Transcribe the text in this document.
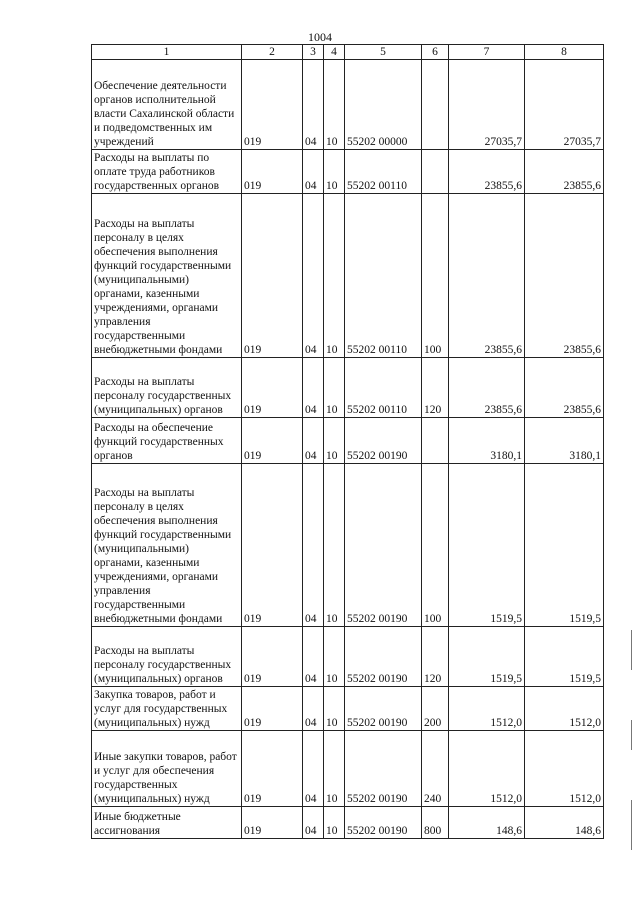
1004
1	2	3	4	5	6	7	8
Обеспечение деятельности органов исполнительной власти Сахалинской области и подведомственных им учреждений	019	04	10	55202 00000		27035,7	27035,7
Расходы на выплаты по оплате труда работников государственных органов	019	04	10	55202 00110		23855,6	23855,6
Расходы на выплаты персоналу в целях обеспечения выполнения функций государственными (муниципальными) органами, казенными учреждениями, органами управления государственными внебюджетными фондами	019	04	10	55202 00110	100	23855,6	23855,6
Расходы на выплаты персоналу государственных (муниципальных) органов	019	04	10	55202 00110	120	23855,6	23855,6
Расходы на обеспечение функций государственных органов	019	04	10	55202 00190		3180,1	3180,1
Расходы на выплаты персоналу в целях обеспечения выполнения функций государственными (муниципальными) органами, казенными учреждениями, органами управления государственными внебюджетными фондами	019	04	10	55202 00190	100	1519,5	1519,5
Расходы на выплаты персоналу государственных (муниципальных) органов	019	04	10	55202 00190	120	1519,5	1519,5
Закупка товаров, работ и услуг для государственных (муниципальных) нужд	019	04	10	55202 00190	200	1512,0	1512,0
Иные закупки товаров, работ и услуг для обеспечения государственных (муниципальных) нужд	019	04	10	55202 00190	240	1512,0	1512,0
Иные бюджетные ассигнования	019	04	10	55202 00190	800	148,6	148,6
